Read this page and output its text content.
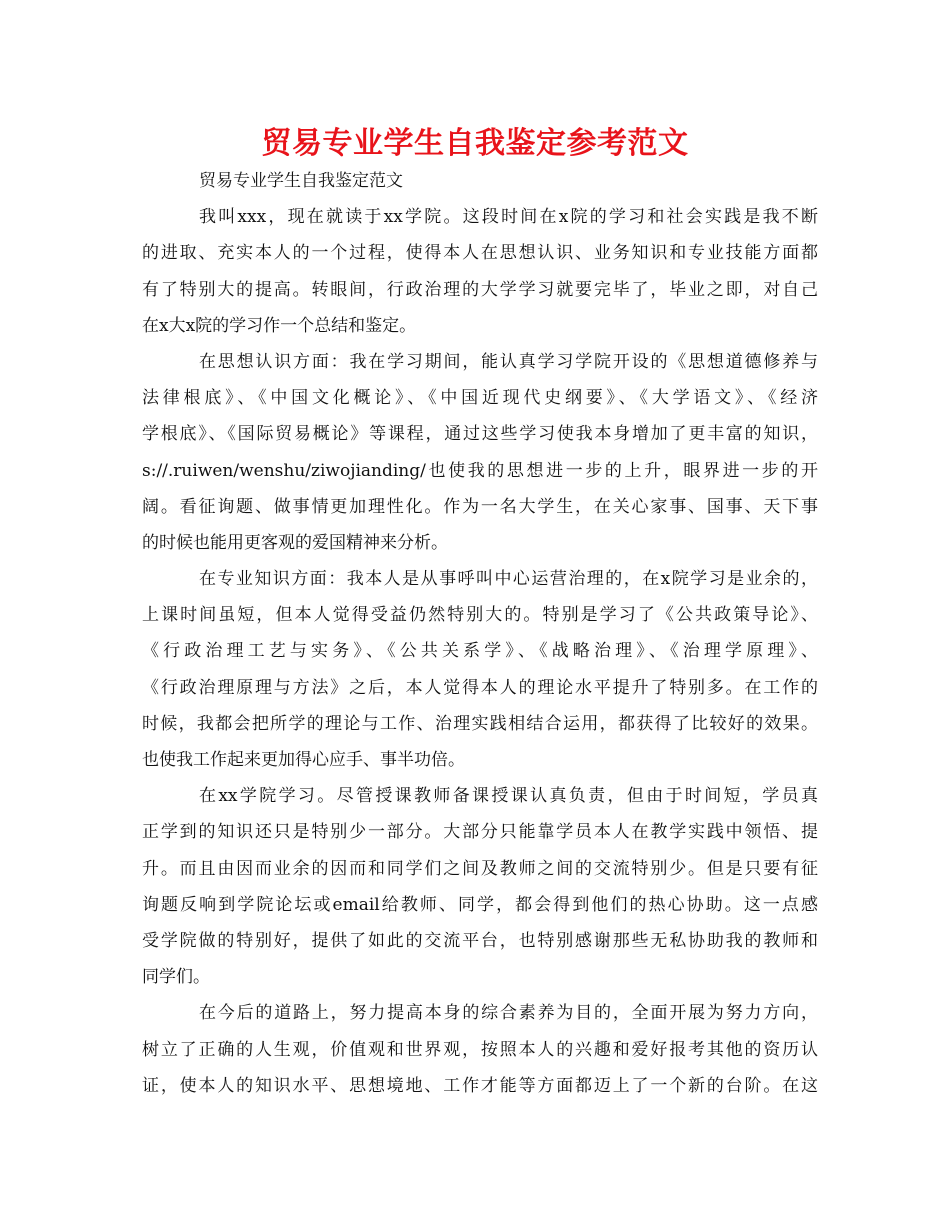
贸易专业学生自我鉴定参考范文
贸易专业学生自我鉴定范文
我叫xxx，现在就读于xx学院。这段时间在x院的学习和社会实践是我不断
的进取、充实本人的一个过程，使得本人在思想认识、业务知识和专业技能方面都
有了特别大的提高。转眼间，行政治理的大学学习就要完毕了，毕业之即，对自己
在x大x院的学习作一个总结和鉴定。
在思想认识方面：我在学习期间，能认真学习学院开设的《思想道德修养与
法律根底》、《中国文化概论》、《中国近现代史纲要》、《大学语文》、《经济
学根底》、《国际贸易概论》等课程，通过这些学习使我本身增加了更丰富的知识，
s://.ruiwen/wenshu/ziwojianding/也使我的思想进一步的上升，眼界进一步的开
阔。看征询题、做事情更加理性化。作为一名大学生，在关心家事、国事、天下事
的时候也能用更客观的爱国精神来分析。
在专业知识方面：我本人是从事呼叫中心运营治理的，在x院学习是业余的，
上课时间虽短，但本人觉得受益仍然特别大的。特别是学习了《公共政策导论》、
《行政治理工艺与实务》、《公共关系学》、《战略治理》、《治理学原理》、
《行政治理原理与方法》之后，本人觉得本人的理论水平提升了特别多。在工作的
时候，我都会把所学的理论与工作、治理实践相结合运用，都获得了比较好的效果。
也使我工作起来更加得心应手、事半功倍。
在xx学院学习。尽管授课教师备课授课认真负责，但由于时间短，学员真
正学到的知识还只是特别少一部分。大部分只能靠学员本人在教学实践中领悟、提
升。而且由因而业余的因而和同学们之间及教师之间的交流特别少。但是只要有征
询题反响到学院论坛或email给教师、同学，都会得到他们的热心协助。这一点感
受学院做的特别好，提供了如此的交流平台，也特别感谢那些无私协助我的教师和
同学们。
在今后的道路上，努力提高本身的综合素养为目的，全面开展为努力方向，
树立了正确的人生观，价值观和世界观，按照本人的兴趣和爱好报考其他的资历认
证，使本人的知识水平、思想境地、工作才能等方面都迈上了一个新的台阶。在这
